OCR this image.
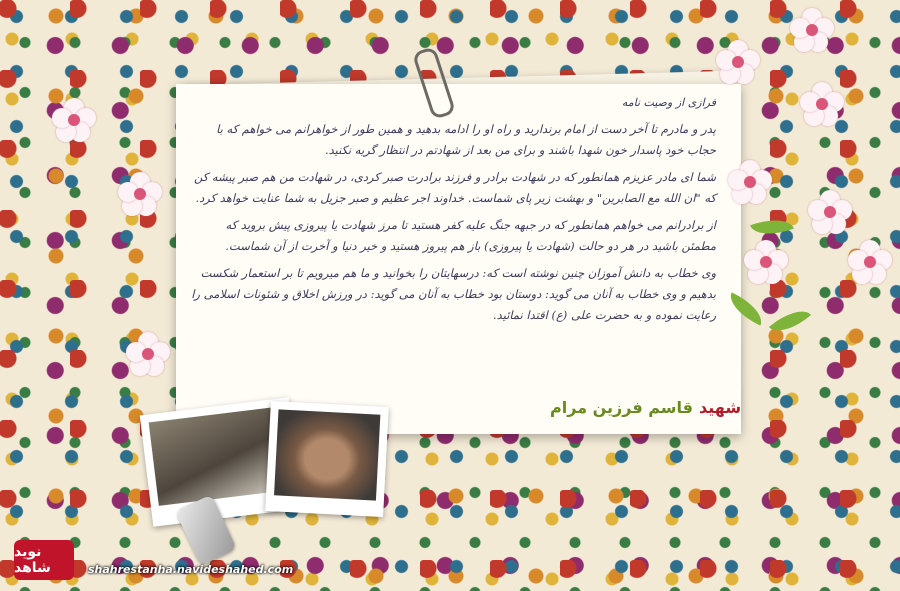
فرازی از وصیت نامه

پدر و مادرم تا آخر دست از امام برندارید و راه او را ادامه بدهید و همین طور از خواهرانم می خواهم که با حجاب خود پاسدار خون شهدا باشند و برای من بعد از شهادتم در انتظار گریه نکنید.

شما ای مادر عزیزم همانطور که در شهادت برادر و فرزند برادرت صبر کردی، در شهادت من هم صبر پیشه کن که "ان الله مع الصابرین" و بهشت زیر پای شماست. خداوند اجر عظیم و صبر جزیل به شما عنایت خواهد کرد.

از برادرانم می خواهم همانطور که در جبهه جنگ علیه کفر هستید تا مرز شهادت یا پیروزی پیش بروید که مطمئن باشید در هر دو حالت (شهادت یا پیروزی) باز هم پیروز هستید و خیر دنیا و آخرت از آن شماست.

وی خطاب به دانش آموزان چنین نوشته است که: درسهایتان را بخوانید و ما هم میرویم تا بر استعمار شکست بدهیم و وی خطاب به آنان می گوید: دوستان بود خطاب به آنان می گوید: در ورزش اخلاق و شئونات اسلامی را رعایت نموده و به حضرت علی (ع) اقتدا نمائید.

شهیدقاسم فرزین مرام
نوید شاهد	shahrestanha.navideshahed.com
